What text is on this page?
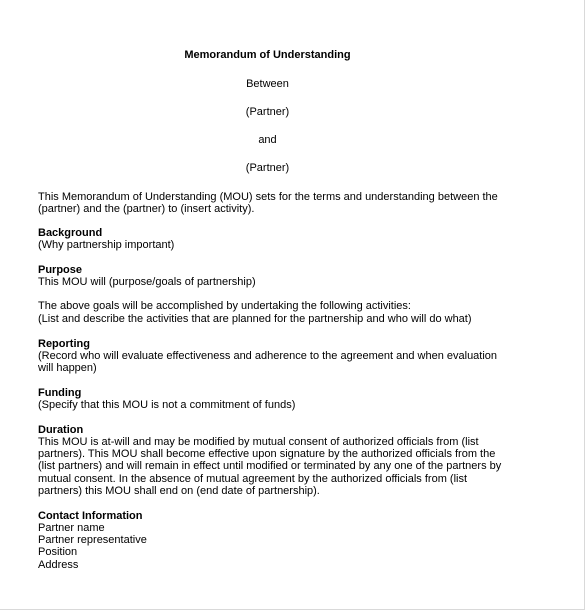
Memorandum of Understanding
Between
(Partner)
and
(Partner)
This Memorandum of Understanding (MOU) sets for the terms and understanding between the
(partner) and the (partner) to (insert activity).
Background
(Why partnership important)
Purpose
This MOU will (purpose/goals of partnership)
The above goals will be accomplished by undertaking the following activities:
(List and describe the activities that are planned for the partnership and who will do what)
Reporting
(Record who will evaluate effectiveness and adherence to the agreement and when evaluation
will happen)
Funding
(Specify that this MOU is not a commitment of funds)
Duration
This MOU is at-will and may be modified by mutual consent of authorized officials from (list
partners). This MOU shall become effective upon signature by the authorized officials from the
(list partners) and will remain in effect until modified or terminated by any one of the partners by
mutual consent. In the absence of mutual agreement by the authorized officials from (list
partners) this MOU shall end on (end date of partnership).
Contact Information
Partner name
Partner representative
Position
Address
